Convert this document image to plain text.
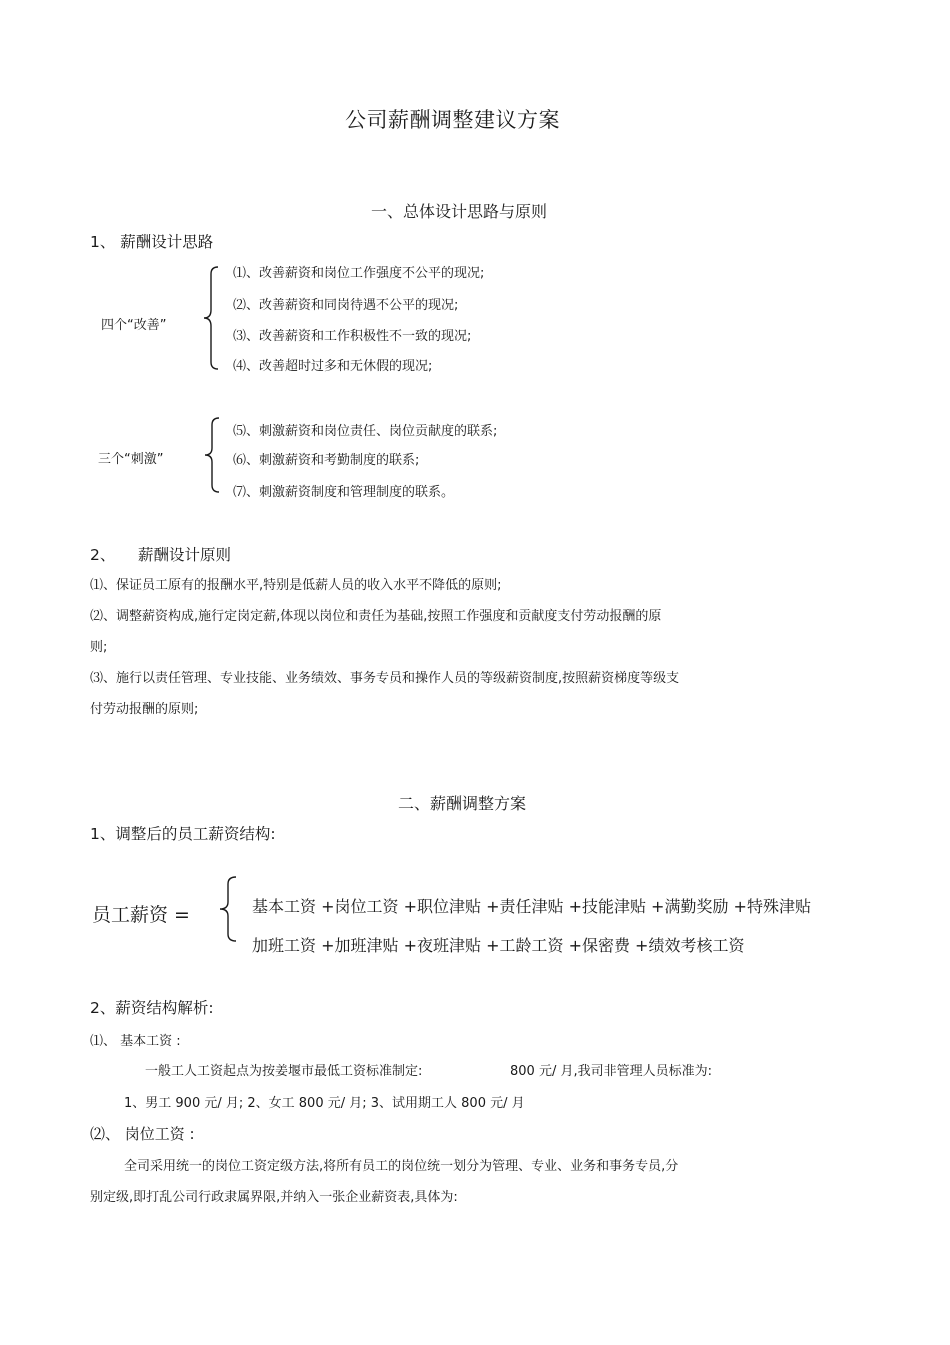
公司薪酬调整建议方案
一、总体设计思路与原则
1、 薪酬设计思路
四个“改善”
⑴、改善薪资和岗位工作强度不公平的现况;
⑵、改善薪资和同岗待遇不公平的现况;
⑶、改善薪资和工作积极性不一致的现况;
⑷、改善超时过多和无休假的现况;
三个“刺激”
⑸、刺激薪资和岗位责任、岗位贡献度的联系;
⑹、刺激薪资和考勤制度的联系;
⑺、刺激薪资制度和管理制度的联系。
2、 薪酬设计原则
⑴、保证员工原有的报酬水平,特别是低薪人员的收入水平不降低的原则;
⑵、调整薪资构成,施行定岗定薪,体现以岗位和责任为基础,按照工作强度和贡献度支付劳动报酬的原
则;
⑶、施行以责任管理、专业技能、业务绩效、事务专员和操作人员的等级薪资制度,按照薪资梯度等级支
付劳动报酬的原则;
二、薪酬调整方案
1、调整后的员工薪资结构:
员工薪资 =	基本工资 +岗位工资 +职位津贴 +责任津贴 +技能津贴 +满勤奖励 +特殊津贴
加班工资 +加班津贴 +夜班津贴 +工龄工资 +保密费 +绩效考核工资
2、薪资结构解析:
⑴、 基本工资 :
一般工人工资起点为按姜堰市最低工资标准制定:	800 元/ 月,我司非管理人员标准为:
1、男工 900 元/ 月; 2、女工 800 元/ 月; 3、试用期工人 800 元/ 月
⑵、 岗位工资 :
全司采用统一的岗位工资定级方法,将所有员工的岗位统一划分为管理、专业、业务和事务专员,分
别定级,即打乱公司行政隶属界限,并纳入一张企业薪资表,具体为:
